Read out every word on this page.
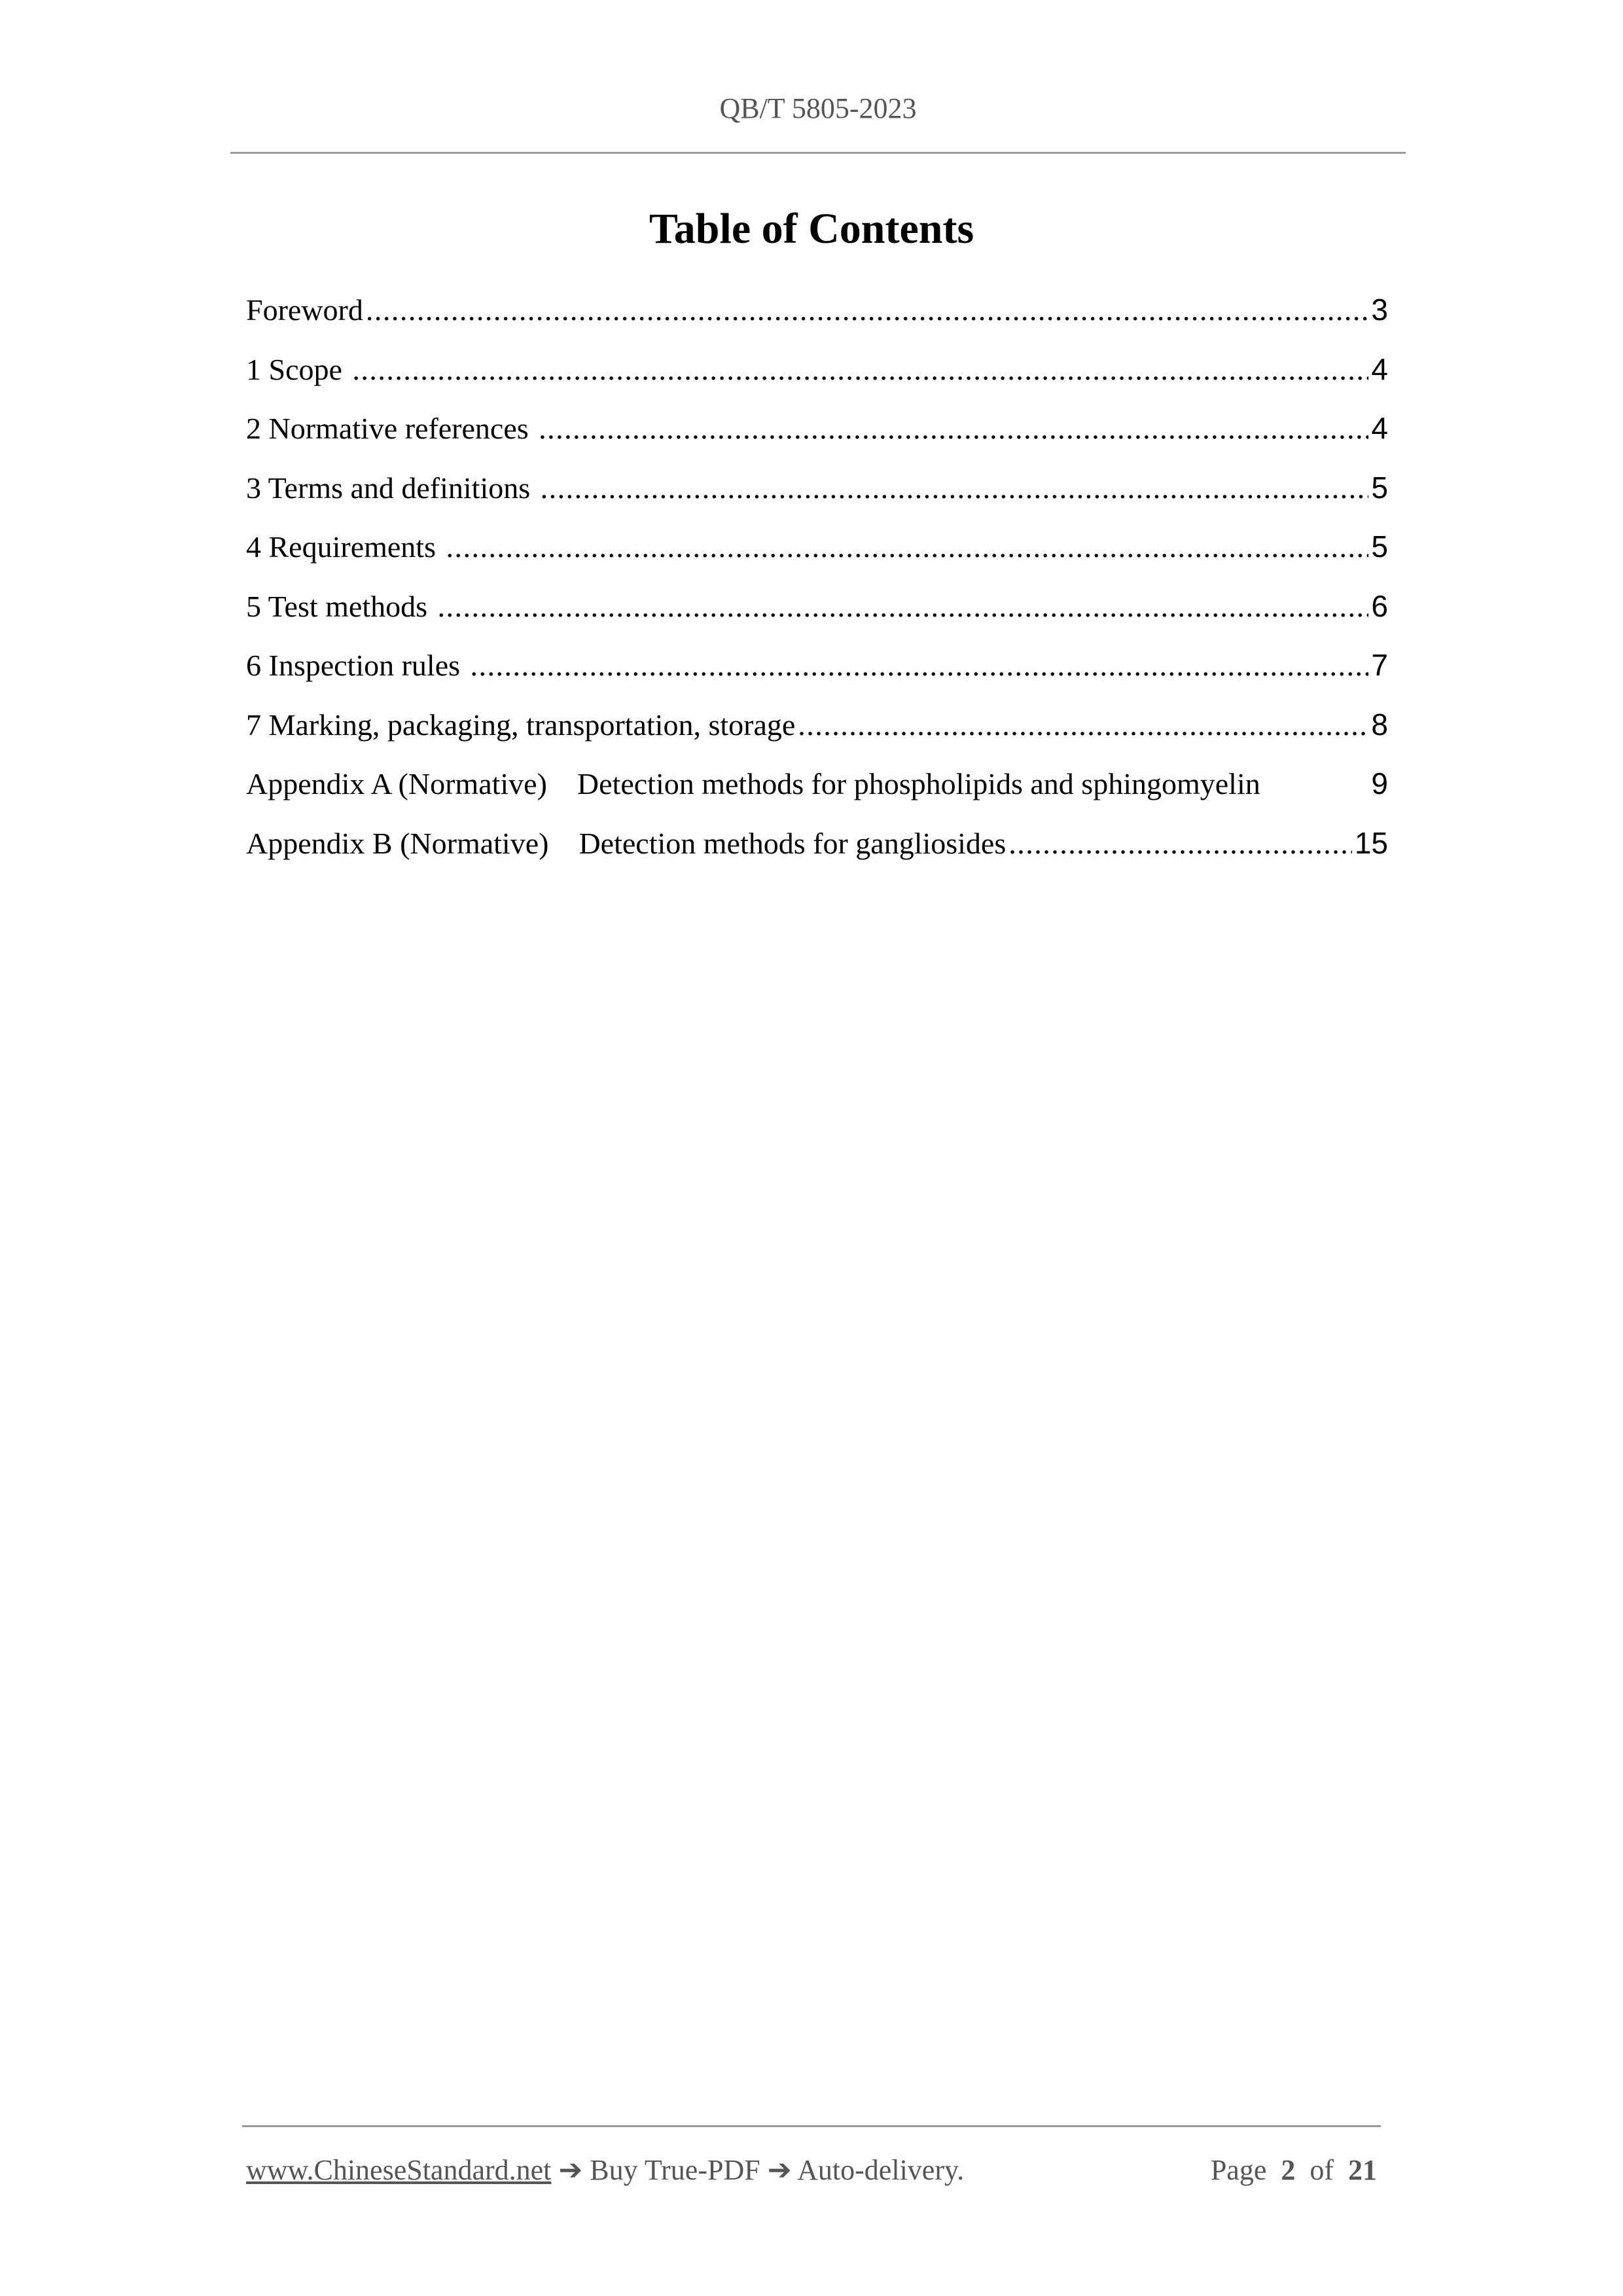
QB/T 5805-2023
Table of Contents
Foreword .....	3
1 Scope .....	4
2 Normative references .....	4
3 Terms and definitions .....	5
4 Requirements .....	5
5 Test methods .....	6
6 Inspection rules .....	7
7 Marking, packaging, transportation, storage .....	8
Appendix A (Normative)    Detection methods for phospholipids and sphingomyelin	9
Appendix B (Normative)    Detection methods for gangliosides .....	15
www.ChineseStandard.net ➔ Buy True-PDF ➔ Auto-delivery.	Page 2 of 21
